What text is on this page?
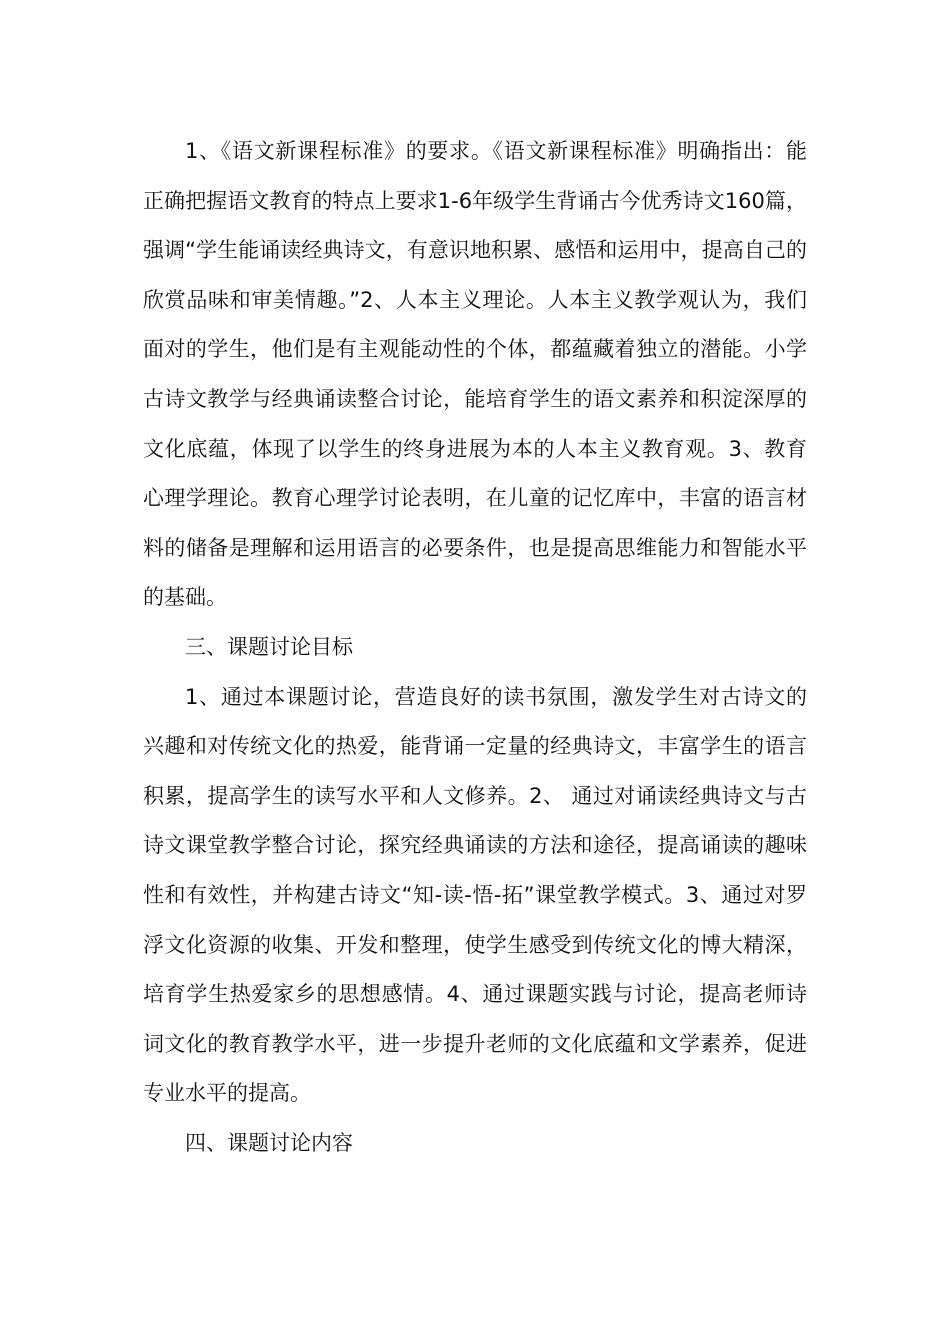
1、《语文新课程标准》的要求。《语文新课程标准》明确指出：能正确把握语文教育的特点上要求1-6年级学生背诵古今优秀诗文160篇，强调“学生能诵读经典诗文，有意识地积累、感悟和运用中，提高自己的欣赏品味和审美情趣。”2、人本主义理论。人本主义教学观认为，我们面对的学生，他们是有主观能动性的个体，都蕴藏着独立的潜能。小学古诗文教学与经典诵读整合讨论，能培育学生的语文素养和积淀深厚的文化底蕴，体现了以学生的终身进展为本的人本主义教育观。3、教育心理学理论。教育心理学讨论表明，在儿童的记忆库中，丰富的语言材料的储备是理解和运用语言的必要条件，也是提高思维能力和智能水平的基础。

三、课题讨论目标

1、通过本课题讨论，营造良好的读书氛围，激发学生对古诗文的兴趣和对传统文化的热爱，能背诵一定量的经典诗文，丰富学生的语言积累，提高学生的读写水平和人文修养。2、 通过对诵读经典诗文与古诗文课堂教学整合讨论，探究经典诵读的方法和途径，提高诵读的趣味性和有效性，并构建古诗文“知-读-悟-拓”课堂教学模式。3、通过对罗浮文化资源的收集、开发和整理，使学生感受到传统文化的博大精深，培育学生热爱家乡的思想感情。4、通过课题实践与讨论，提高老师诗词文化的教育教学水平，进一步提升老师的文化底蕴和文学素养，促进专业水平的提高。

四、课题讨论内容
